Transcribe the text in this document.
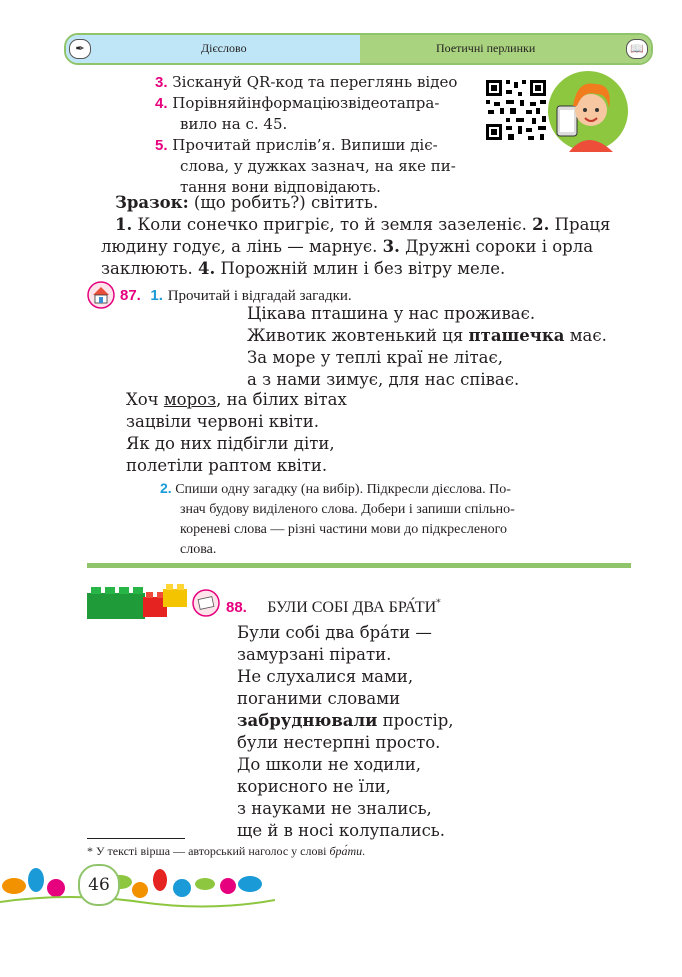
✒	Дієслово	Поетичні перлинки	📖
3. Зіскануй QR-код та переглянь відео
4. Порівняйінформаціюзвідеотапра-
вило на с. 45.
5. Прочитай прислів’я. Випиши діє-
слова, у дужках зазнач, на яке пи-
тання вони відповідають.
Зразок: (що робить?) світить.
1. Коли сонечко пригріє, то й земля зазеленіє. 2. Праця
людину годує, а лінь — марнує. 3. Дружні сороки і орла
заклюють. 4. Порожній млин і без вітру меле.
87. 1. Прочитай і відгадай загадки.
Цікава пташина у нас проживає.
Животик жовтенький ця пташечка має.
За море у теплі краї не літає,
а з нами зимує, для нас співає.
Хоч мороз, на білих вітах
зацвіли червоні квіти.
Як до них підбігли діти,
полетіли раптом квіти.
2. Спиши одну загадку (на вибір). Підкресли дієслова. По-
знач будову виділеного слова. Добери і запиши спільно-
кореневі слова — різні частини мови до підкресленого
слова.
88. БУЛИ СОБІ ДВА БРА́ТИ*
Були собі два бра́ти —
замурзані пірати.
Не слухалися мами,
поганими словами
забруднювали простір,
були нестерпні просто.
До школи не ходили,
корисного не їли,
з науками не знались,
ще й в носі колупались.
* У тексті вірша — авторський наголос у слові бра́ти.
46
